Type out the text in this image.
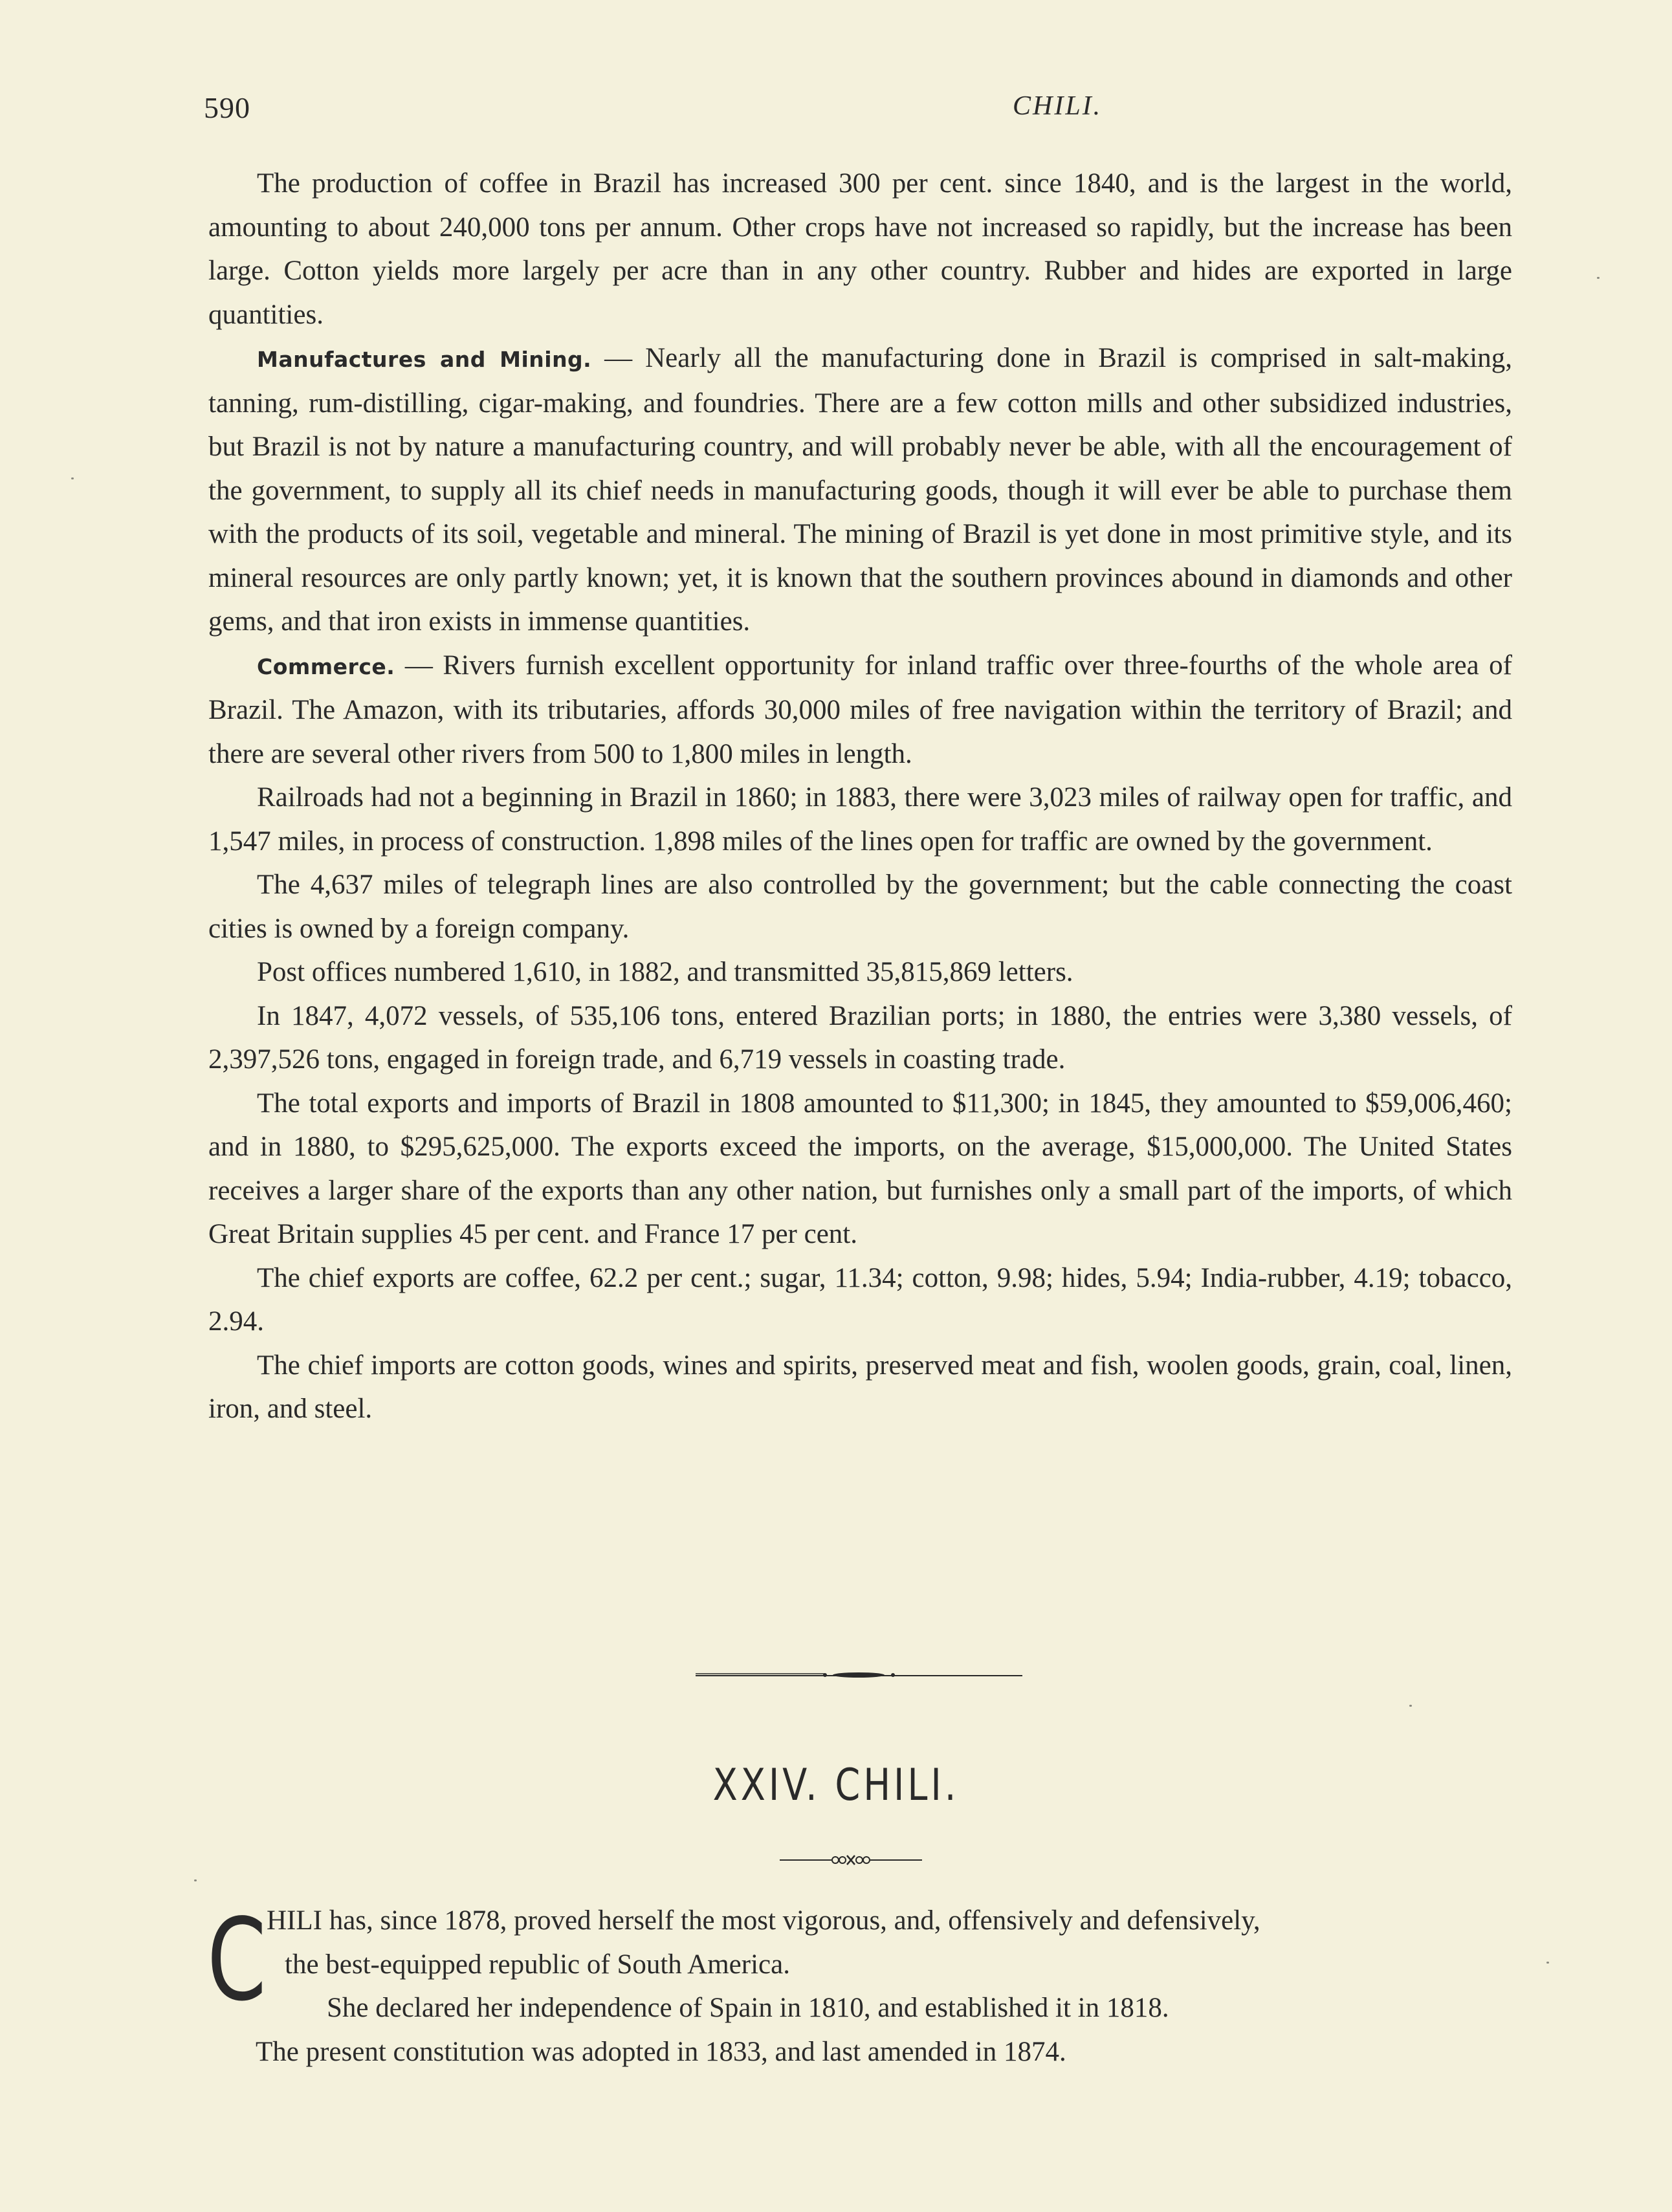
590	CHILI.

The production of coffee in Brazil has increased 300 per cent. since 1840, and is the largest in the world, amounting to about 240,000 tons per annum. Other crops have not increased so rapidly, but the increase has been large. Cotton yields more largely per acre than in any other country. Rubber and hides are exported in large quantities.

Manufactures and Mining. — Nearly all the manufacturing done in Brazil is comprised in salt-making, tanning, rum-distilling, cigar-making, and foundries. There are a few cotton mills and other subsidized industries, but Brazil is not by nature a manufacturing country, and will probably never be able, with all the encouragement of the government, to supply all its chief needs in manufacturing goods, though it will ever be able to purchase them with the products of its soil, vegetable and mineral. The mining of Brazil is yet done in most primitive style, and its mineral resources are only partly known; yet, it is known that the southern provinces abound in diamonds and other gems, and that iron exists in immense quantities.

Commerce. — Rivers furnish excellent opportunity for inland traffic over three-fourths of the whole area of Brazil. The Amazon, with its tributaries, affords 30,000 miles of free navigation within the territory of Brazil; and there are several other rivers from 500 to 1,800 miles in length.

Railroads had not a beginning in Brazil in 1860; in 1883, there were 3,023 miles of railway open for traffic, and 1,547 miles, in process of construction. 1,898 miles of the lines open for traffic are owned by the government.

The 4,637 miles of telegraph lines are also controlled by the government; but the cable connecting the coast cities is owned by a foreign company.

Post offices numbered 1,610, in 1882, and transmitted 35,815,869 letters.

In 1847, 4,072 vessels, of 535,106 tons, entered Brazilian ports; in 1880, the entries were 3,380 vessels, of 2,397,526 tons, engaged in foreign trade, and 6,719 vessels in coasting trade.

The total exports and imports of Brazil in 1808 amounted to $11,300; in 1845, they amounted to $59,006,460; and in 1880, to $295,625,000. The exports exceed the imports, on the average, $15,000,000. The United States receives a larger share of the exports than any other nation, but furnishes only a small part of the imports, of which Great Britain supplies 45 per cent. and France 17 per cent.

The chief exports are coffee, 62.2 per cent.; sugar, 11.34; cotton, 9.98; hides, 5.94; India-rubber, 4.19; tobacco, 2.94.

The chief imports are cotton goods, wines and spirits, preserved meat and fish, woolen goods, grain, coal, linen, iron, and steel.

XXIV. CHILI.
C HILI has, since 1878, proved herself the most vigorous, and, offensively and defensively,

the best-equipped republic of South America.

She declared her independence of Spain in 1810, and established it in 1818.

The present constitution was adopted in 1833, and last amended in 1874.
